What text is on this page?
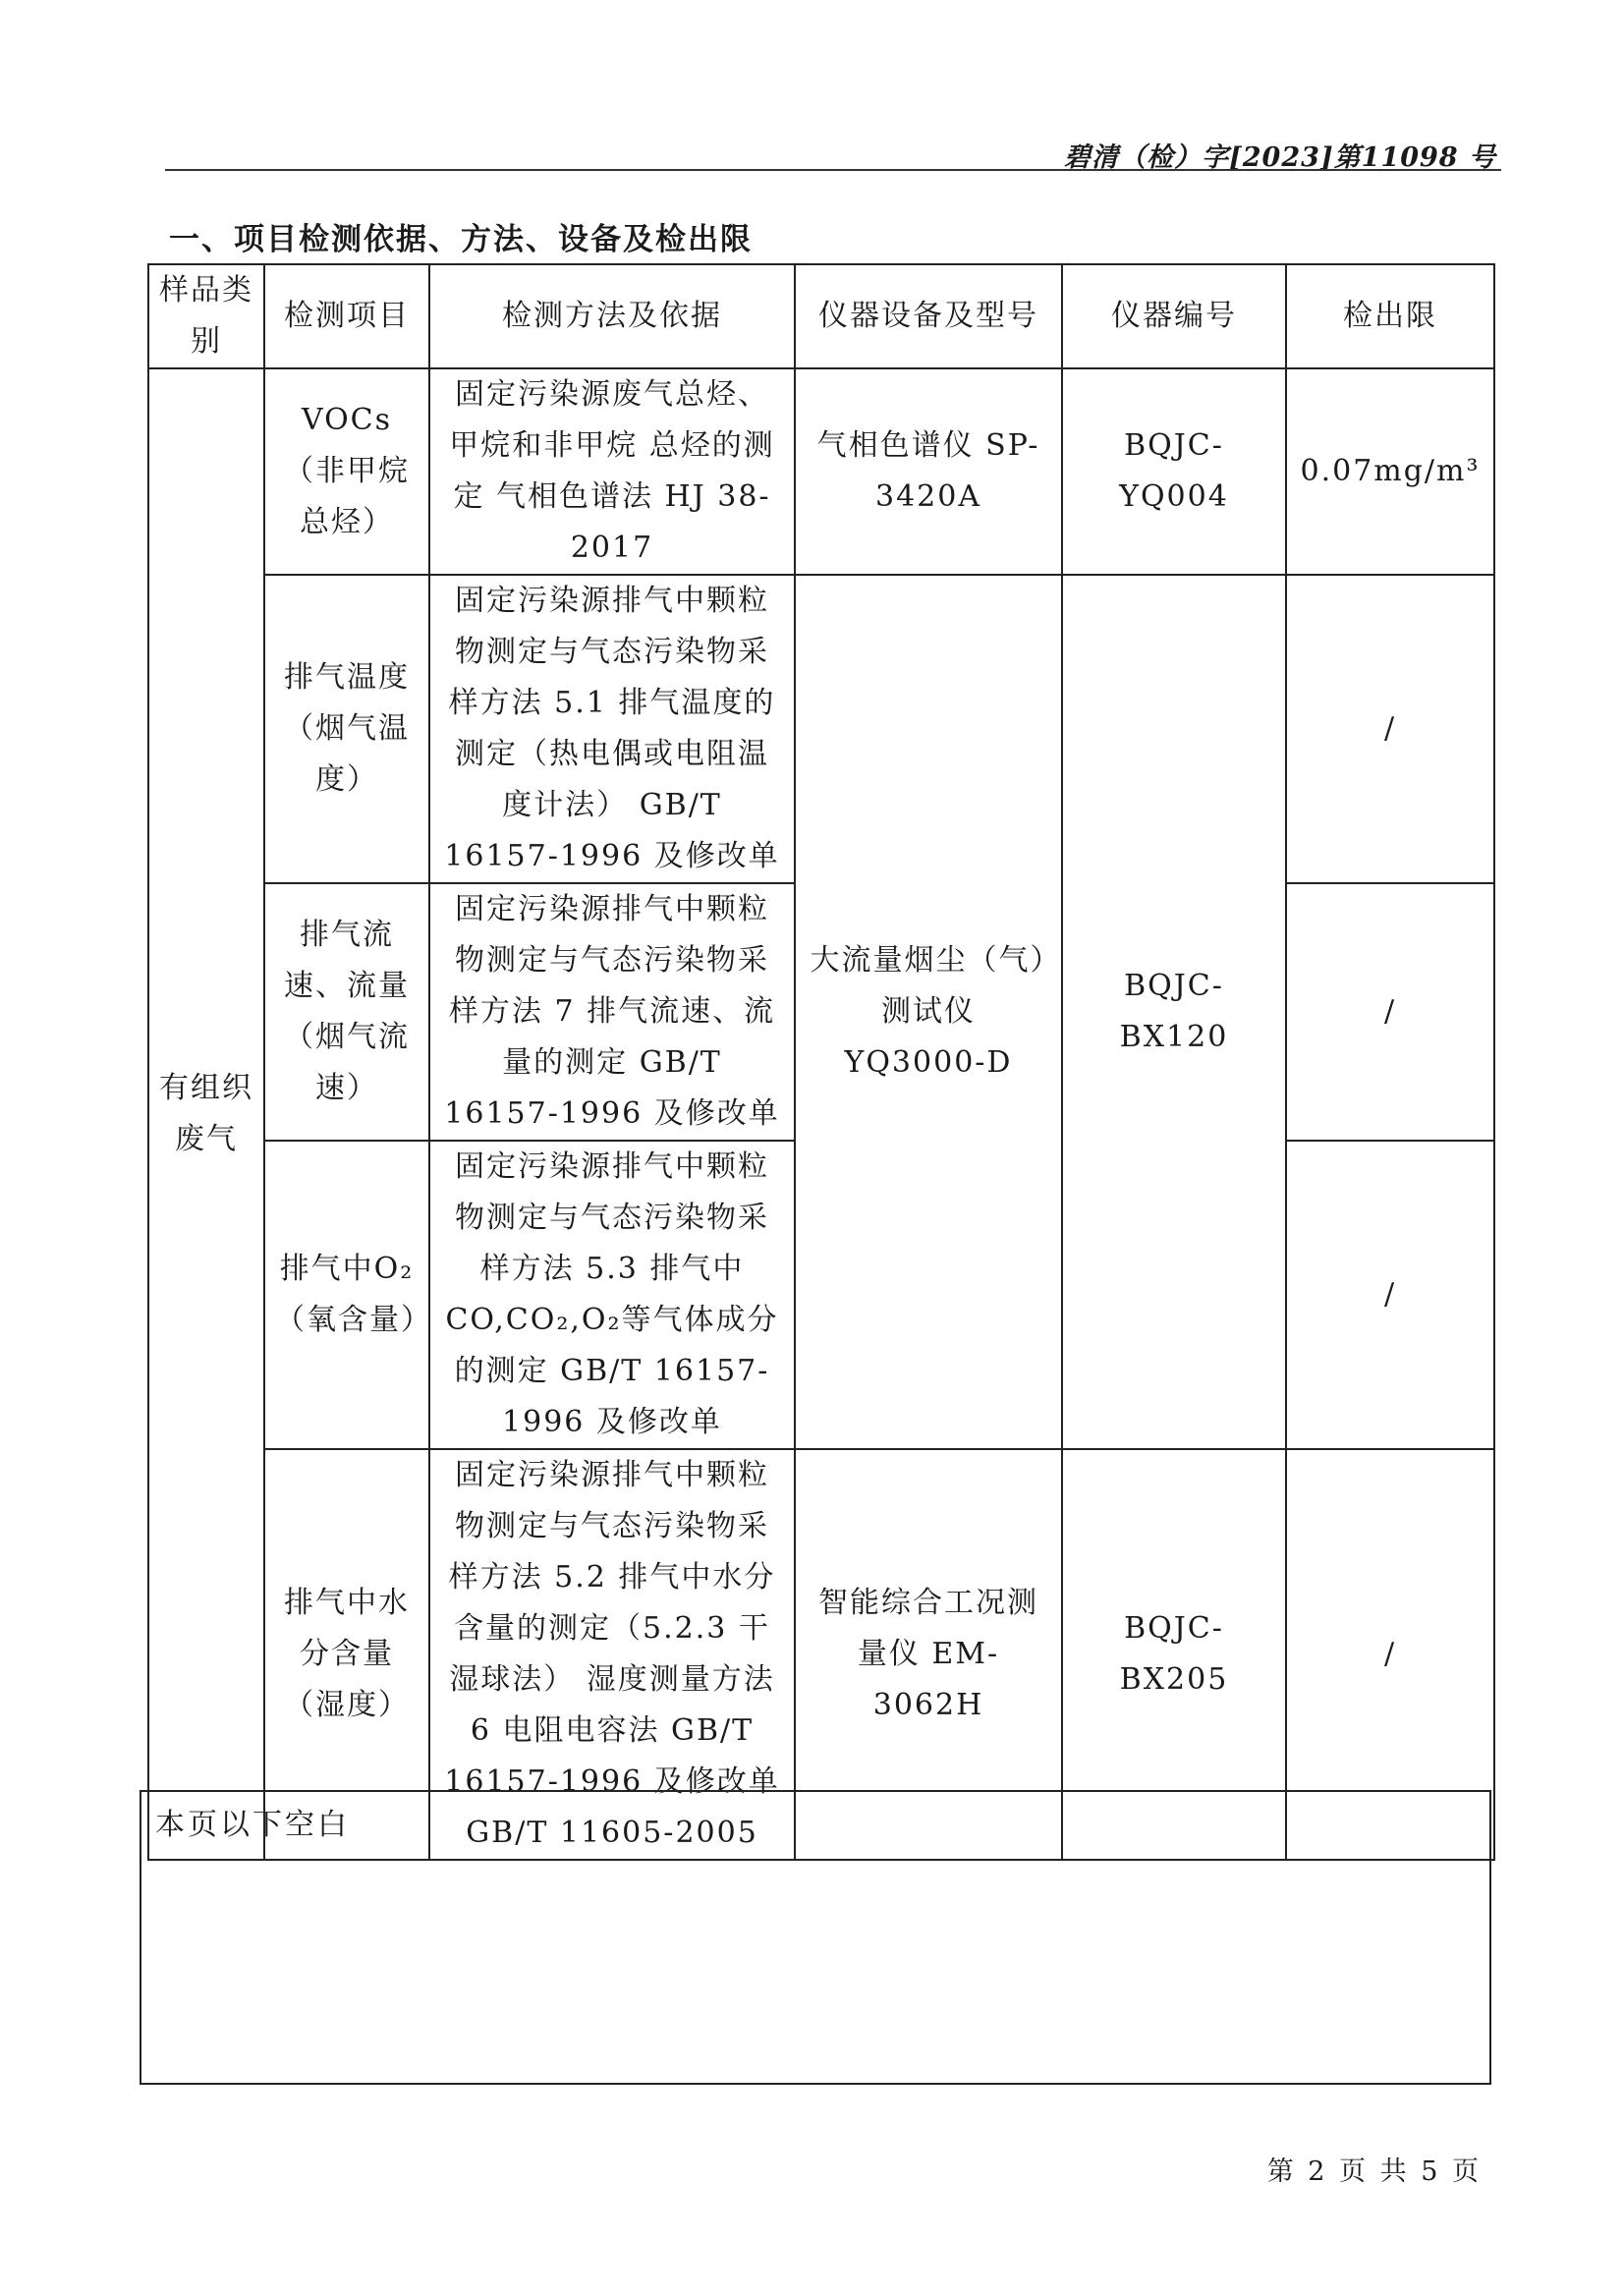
碧清（检）字[2023]第11098 号
一、项目检测依据、方法、设备及检出限
样品类别	检测项目	检测方法及依据	仪器设备及型号	仪器编号	检出限
有组织废气	VOCs（非甲烷总烃）	固定污染源废气总烃、甲烷和非甲烷 总烃的测定 气相色谱法 HJ 38-2017	气相色谱仪 SP-3420A	BQJC-YQ004	0.07mg/m³
	排气温度（烟气温度）	固定污染源排气中颗粒物测定与气态污染物采样方法 5.1 排气温度的测定（热电偶或电阻温度计法） GB/T 16157-1996 及修改单	大流量烟尘（气）测试仪 YQ3000-D	BQJC-BX120	/
	排气流速、流量（烟气流速）	固定污染源排气中颗粒物测定与气态污染物采样方法 7 排气流速、流量的测定 GB/T 16157-1996 及修改单			/
	排气中O₂（氧含量）	固定污染源排气中颗粒物测定与气态污染物采样方法 5.3 排气中CO,CO₂,O₂等气体成分的测定 GB/T 16157-1996 及修改单			/
	排气中水分含量（湿度）	固定污染源排气中颗粒物测定与气态污染物采样方法 5.2 排气中水分含量的测定（5.2.3 干湿球法） 湿度测量方法 6 电阻电容法 GB/T 16157-1996 及修改单 GB/T 11605-2005	智能综合工况测量仪 EM-3062H	BQJC-BX205	/
本页以下空白
第 2 页 共 5 页
